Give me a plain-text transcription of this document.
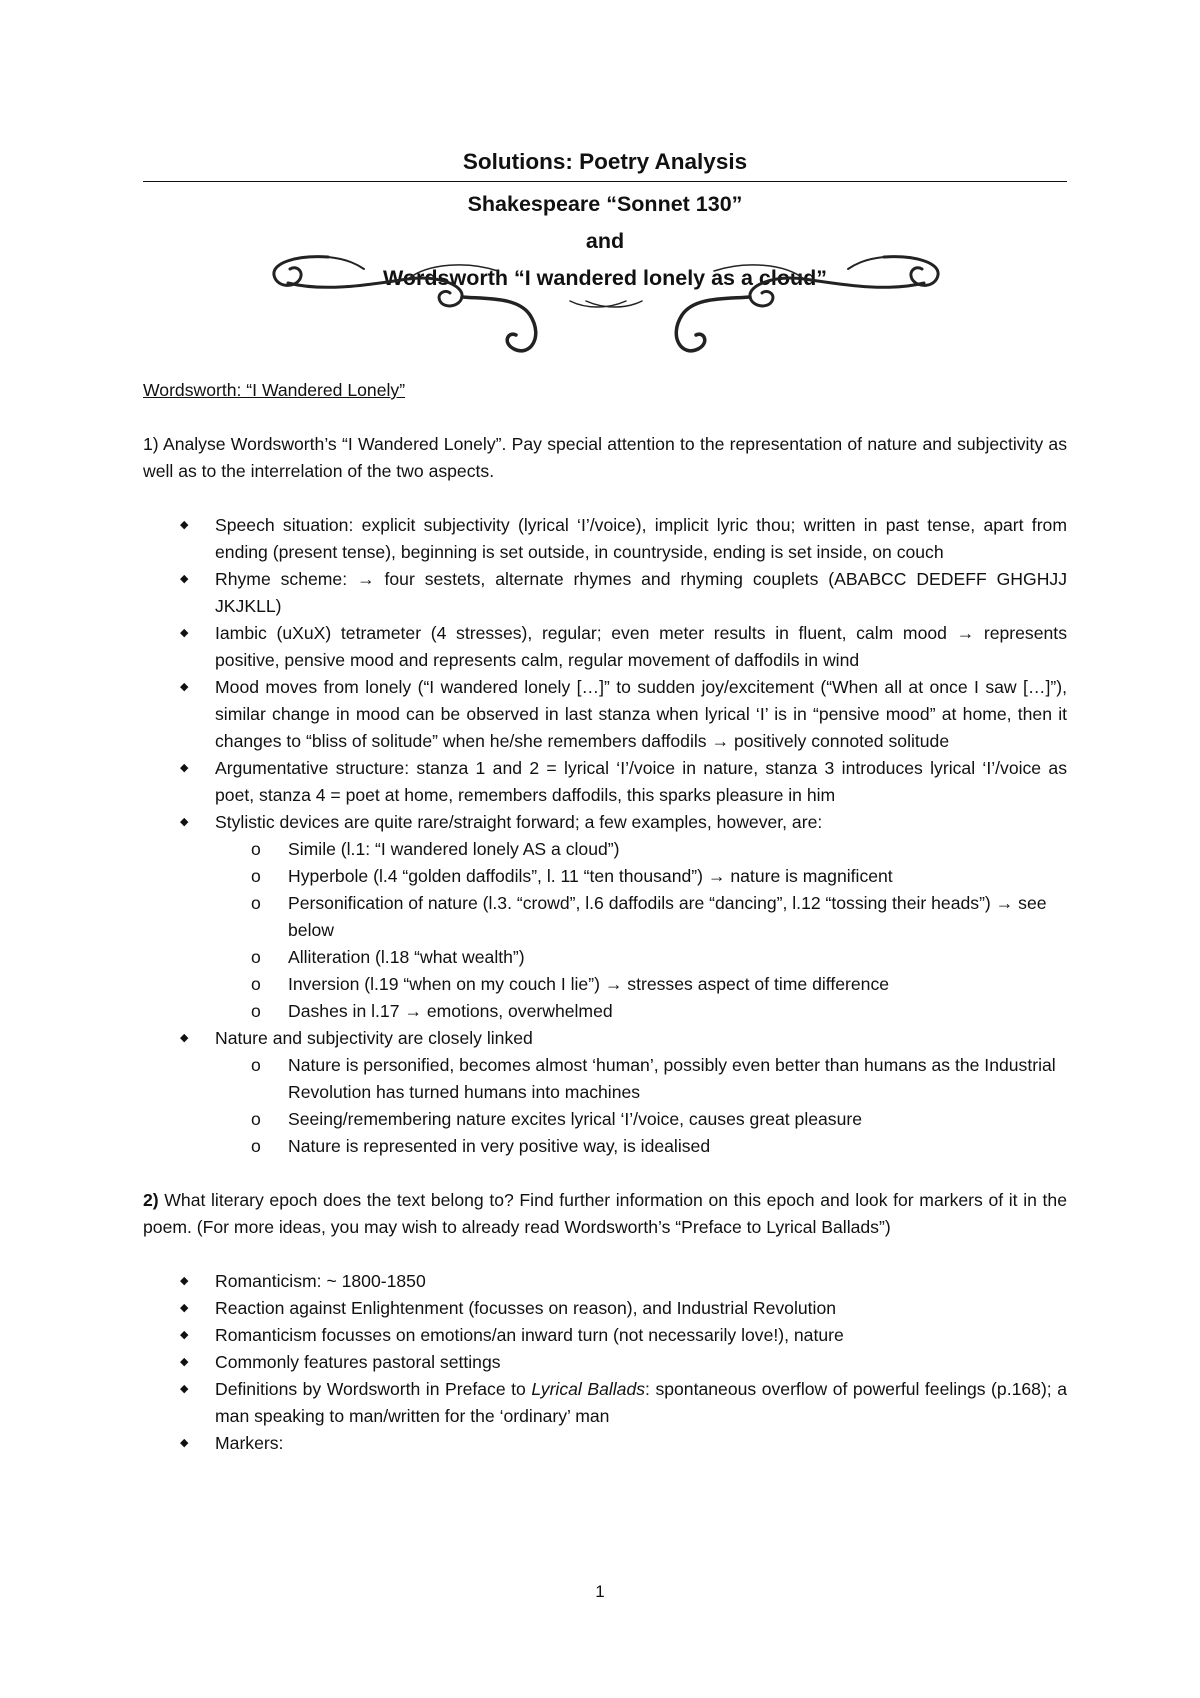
Solutions: Poetry Analysis
Shakespeare “Sonnet 130”
and
Wordsworth “I wandered lonely as a cloud”
Wordsworth: “I Wandered Lonely”

1) Analyse Wordsworth’s “I Wandered Lonely”. Pay special attention to the representation of nature and subjectivity as well as to the interrelation of the two aspects.

◆ Speech situation: explicit subjectivity (lyrical ‘I’/voice), implicit lyric thou; written in past tense, apart from ending (present tense), beginning is set outside, in countryside, ending is set inside, on couch
◆ Rhyme scheme: → four sestets, alternate rhymes and rhyming couplets (ABABCC DEDEFF GHGHJJ JKJKLL)
◆ Iambic (uXuX) tetrameter (4 stresses), regular; even meter results in fluent, calm mood → represents positive, pensive mood and represents calm, regular movement of daffodils in wind
◆ Mood moves from lonely (“I wandered lonely […]” to sudden joy/excitement (“When all at once I saw […]”), similar change in mood can be observed in last stanza when lyrical ‘I’ is in “pensive mood” at home, then it changes to “bliss of solitude” when he/she remembers daffodils → positively connoted solitude
◆ Argumentative structure: stanza 1 and 2 = lyrical ‘I’/voice in nature, stanza 3 introduces lyrical ‘I’/voice as poet, stanza 4 = poet at home, remembers daffodils, this sparks pleasure in him
◆ Stylistic devices are quite rare/straight forward; a few examples, however, are:
o Simile (l.1: “I wandered lonely AS a cloud”)
o Hyperbole (l.4 “golden daffodils”, l. 11 “ten thousand”) → nature is magnificent
o Personification of nature (l.3. “crowd”, l.6 daffodils are “dancing”, l.12 “tossing their heads”) → see below
o Alliteration (l.18 “what wealth”)
o Inversion (l.19 “when on my couch I lie”) → stresses aspect of time difference
o Dashes in l.17 → emotions, overwhelmed
◆ Nature and subjectivity are closely linked
o Nature is personified, becomes almost ‘human’, possibly even better than humans as the Industrial Revolution has turned humans into machines
o Seeing/remembering nature excites lyrical ‘I’/voice, causes great pleasure
o Nature is represented in very positive way, is idealised

2) What literary epoch does the text belong to? Find further information on this epoch and look for markers of it in the poem. (For more ideas, you may wish to already read Wordsworth’s “Preface to Lyrical Ballads”)

◆ Romanticism: ~ 1800-1850
◆ Reaction against Enlightenment (focusses on reason), and Industrial Revolution
◆ Romanticism focusses on emotions/an inward turn (not necessarily love!), nature
◆ Commonly features pastoral settings
◆ Definitions by Wordsworth in Preface to Lyrical Ballads: spontaneous overflow of powerful feelings (p.168); a man speaking to man/written for the ‘ordinary’ man
◆ Markers:
1
